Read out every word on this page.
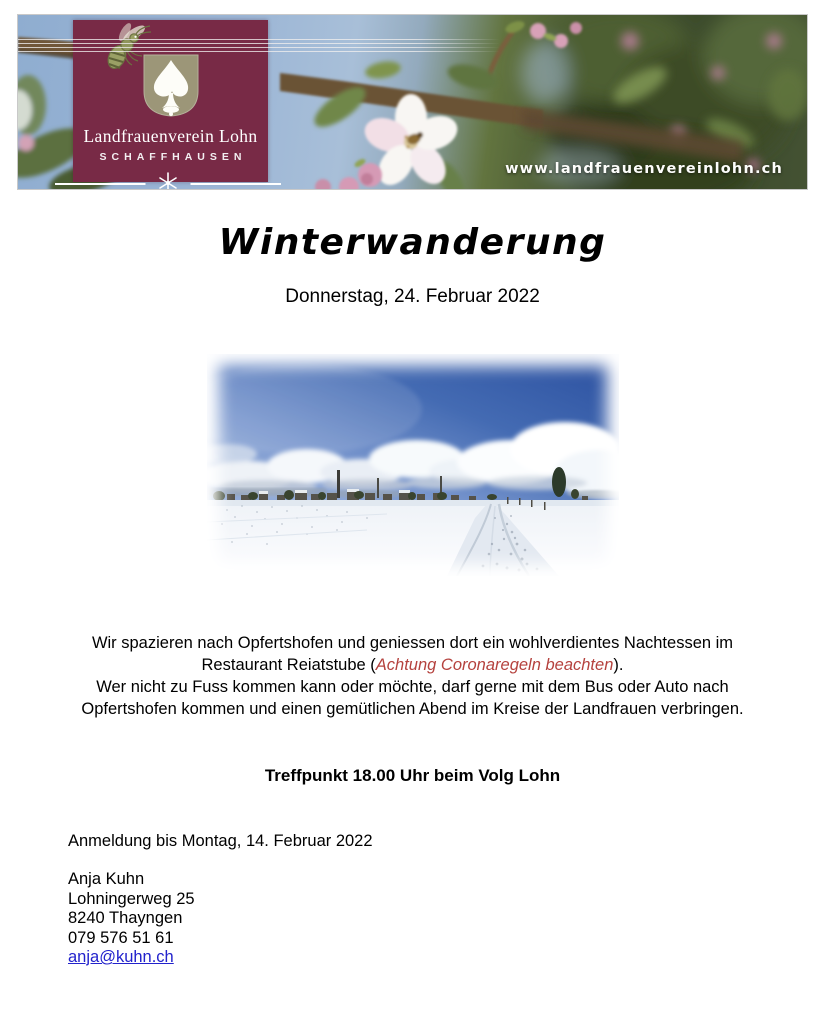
Landfrauenverein Lohn
SCHAFFHAUSEN
www.landfrauenvereinlohn.ch
Winterwanderung
Donnerstag, 24. Februar 2022
Wir spazieren nach Opfertshofen und geniessen dort ein wohlverdientes Nachtessen im
Restaurant Reiatstube (Achtung Coronaregeln beachten).
Wer nicht zu Fuss kommen kann oder möchte, darf gerne mit dem Bus oder Auto nach
Opfertshofen kommen und einen gemütlichen Abend im Kreise der Landfrauen verbringen.
Treffpunkt 18.00 Uhr beim Volg Lohn
Anmeldung bis Montag, 14. Februar 2022
Anja Kuhn
Lohningerweg 25
8240 Thayngen
079 576 51 61
anja@kuhn.ch
